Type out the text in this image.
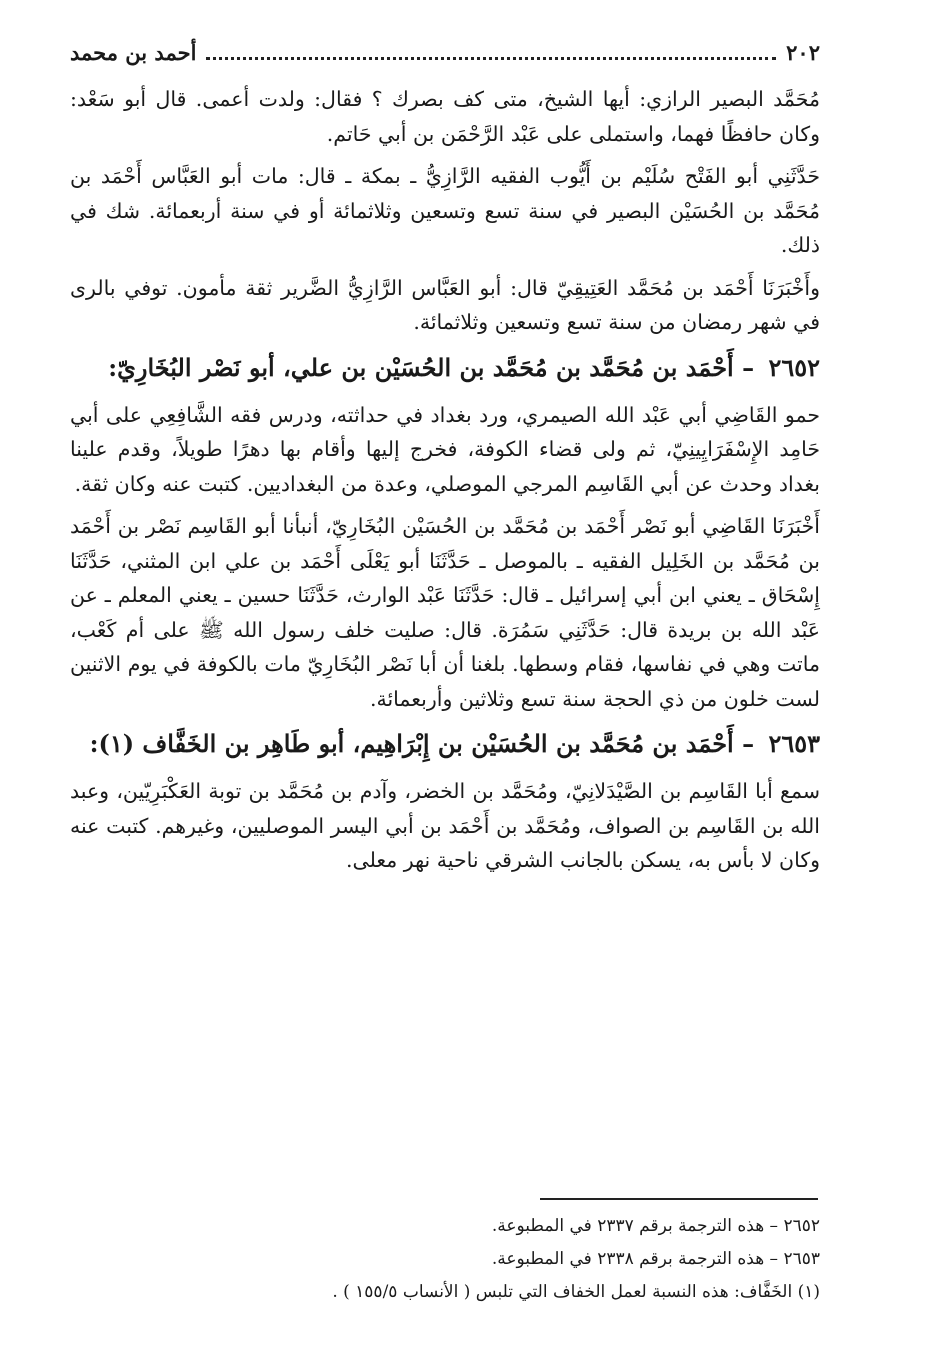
٢٠٢
أحمد بن محمد

مُحَمَّد البصير الرازي: أيها الشيخ، متى كف بصرك ؟ فقال: ولدت أعمى. قال أبو سَعْد: وكان حافظًا فهما، واستملى على عَبْد الرَّحْمَن بن أبي حَاتم.

حَدَّثَنِي أبو الفَتْح سُلَيْم بن أَيُّوب الفقيه الرَّازِيُّ ـ بمكة ـ قال: مات أبو العَبَّاس أَحْمَد بن مُحَمَّد بن الحُسَيْن البصير في سنة تسع وتسعين وثلاثمائة أو في سنة أربعمائة. شك في ذلك.

وأَخْبَرَنَا أَحْمَد بن مُحَمَّد العَتِيقِيّ قال: أبو العَبَّاس الرَّازِيُّ الضَّرير ثقة مأمون. توفي بالرى في شهر رمضان من سنة تسع وتسعين وثلاثمائة.

٢٦٥٢ – أَحْمَد بن مُحَمَّد بن مُحَمَّد بن الحُسَيْن بن علي، أبو نَصْر البُخَارِيّ:

حمو القَاضِي أبي عَبْد الله الصيمري، ورد بغداد في حداثته، ودرس فقه الشَّافِعِي على أبي حَامِد الإِسْفَرَايِينِيّ، ثم ولى قضاء الكوفة، فخرج إليها وأقام بها دهرًا طويلاً، وقدم علينا بغداد وحدث عن أبي القَاسِم المرجي الموصلي، وعدة من البغداديين. كتبت عنه وكان ثقة.

أَخْبَرَنَا القَاضِي أبو نَصْر أَحْمَد بن مُحَمَّد بن الحُسَيْن البُخَارِيّ، أنبأنا أبو القَاسِم نَصْر بن أَحْمَد بن مُحَمَّد بن الخَلِيل الفقيه ـ بالموصل ـ حَدَّثَنَا أبو يَعْلَى أَحْمَد بن علي ابن المثني، حَدَّثَنَا إِسْحَاق ـ يعني ابن أبي إسرائيل ـ قال: حَدَّثَنَا عَبْد الوارث، حَدَّثَنَا حسين ـ يعني المعلم ـ عن عَبْد الله بن بريدة قال: حَدَّثَنِي سَمُرَة. قال: صليت خلف رسول الله ﷺ على أم كَعْب، ماتت وهي في نفاسها، فقام وسطها. بلغنا أن أبا نَصْر البُخَارِيّ مات بالكوفة في يوم الاثنين لست خلون من ذي الحجة سنة تسع وثلاثين وأربعمائة.

٢٦٥٣ – أَحْمَد بن مُحَمَّد بن الحُسَيْن بن إِبْرَاهِيم، أبو طَاهِر بن الخَفَّاف (١):

سمع أبا القَاسِم بن الصَّيْدَلانِيّ، ومُحَمَّد بن الخضر، وآدم بن مُحَمَّد بن توبة العَكْبَرِيّين، وعبد الله بن القَاسِم بن الصواف، ومُحَمَّد بن أَحْمَد بن أبي اليسر الموصليين، وغيرهم. كتبت عنه وكان لا بأس به، يسكن بالجانب الشرقي ناحية نهر معلى.

٢٦٥٢ – هذه الترجمة برقم ٢٣٣٧ في المطبوعة.

٢٦٥٣ – هذه الترجمة برقم ٢٣٣٨ في المطبوعة.

(١) الخَفَّاف: هذه النسبة لعمل الخفاف التي تلبس ( الأنساب ١٥٥/٥ ) .
